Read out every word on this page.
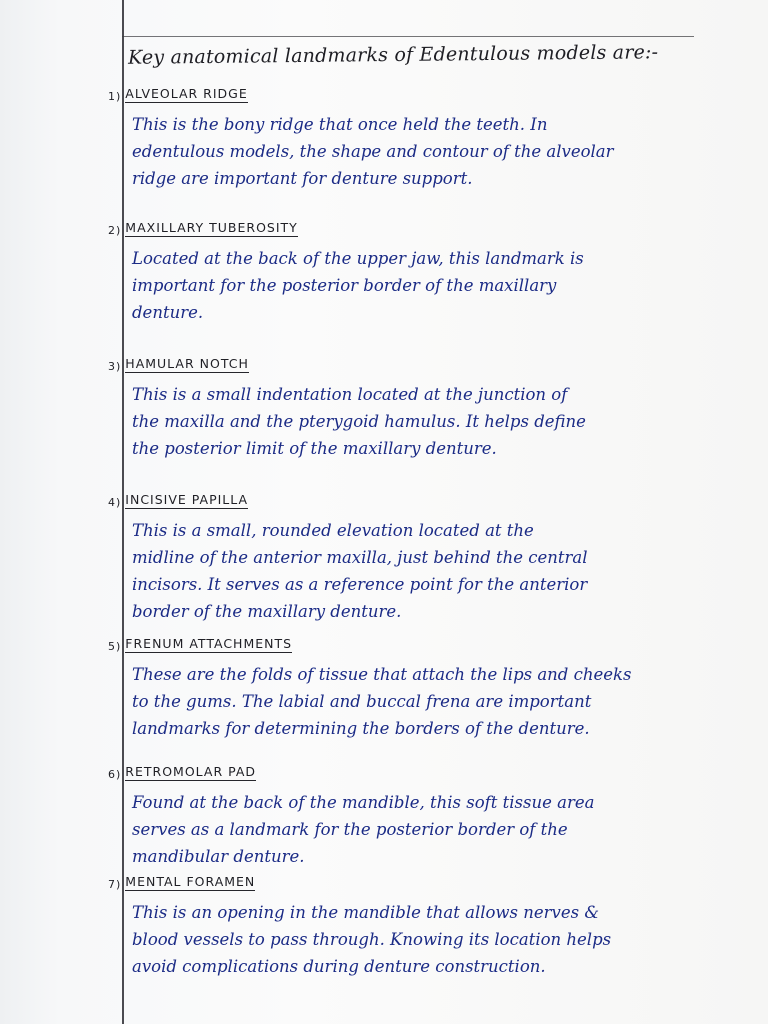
Key anatomical landmarks of Edentulous models are:-
1) ALVEOLAR RIDGE
This is the bony ridge that once held the teeth. In
edentulous models, the shape and contour of the alveolar
ridge are important for denture support.
2) MAXILLARY TUBEROSITY
Located at the back of the upper jaw, this landmark is
important for the posterior border of the maxillary
denture.
3) HAMULAR NOTCH
This is a small indentation located at the junction of
the maxilla and the pterygoid hamulus. It helps define
the posterior limit of the maxillary denture.
4) INCISIVE PAPILLA
This is a small, rounded elevation located at the
midline of the anterior maxilla, just behind the central
incisors. It serves as a reference point for the anterior
border of the maxillary denture.
5) FRENUM ATTACHMENTS
These are the folds of tissue that attach the lips and cheeks
to the gums. The labial and buccal frena are important
landmarks for determining the borders of the denture.
6) RETROMOLAR PAD
Found at the back of the mandible, this soft tissue area
serves as a landmark for the posterior border of the
mandibular denture.
7) MENTAL FORAMEN
This is an opening in the mandible that allows nerves &
blood vessels to pass through. Knowing its location helps
avoid complications during denture construction.
